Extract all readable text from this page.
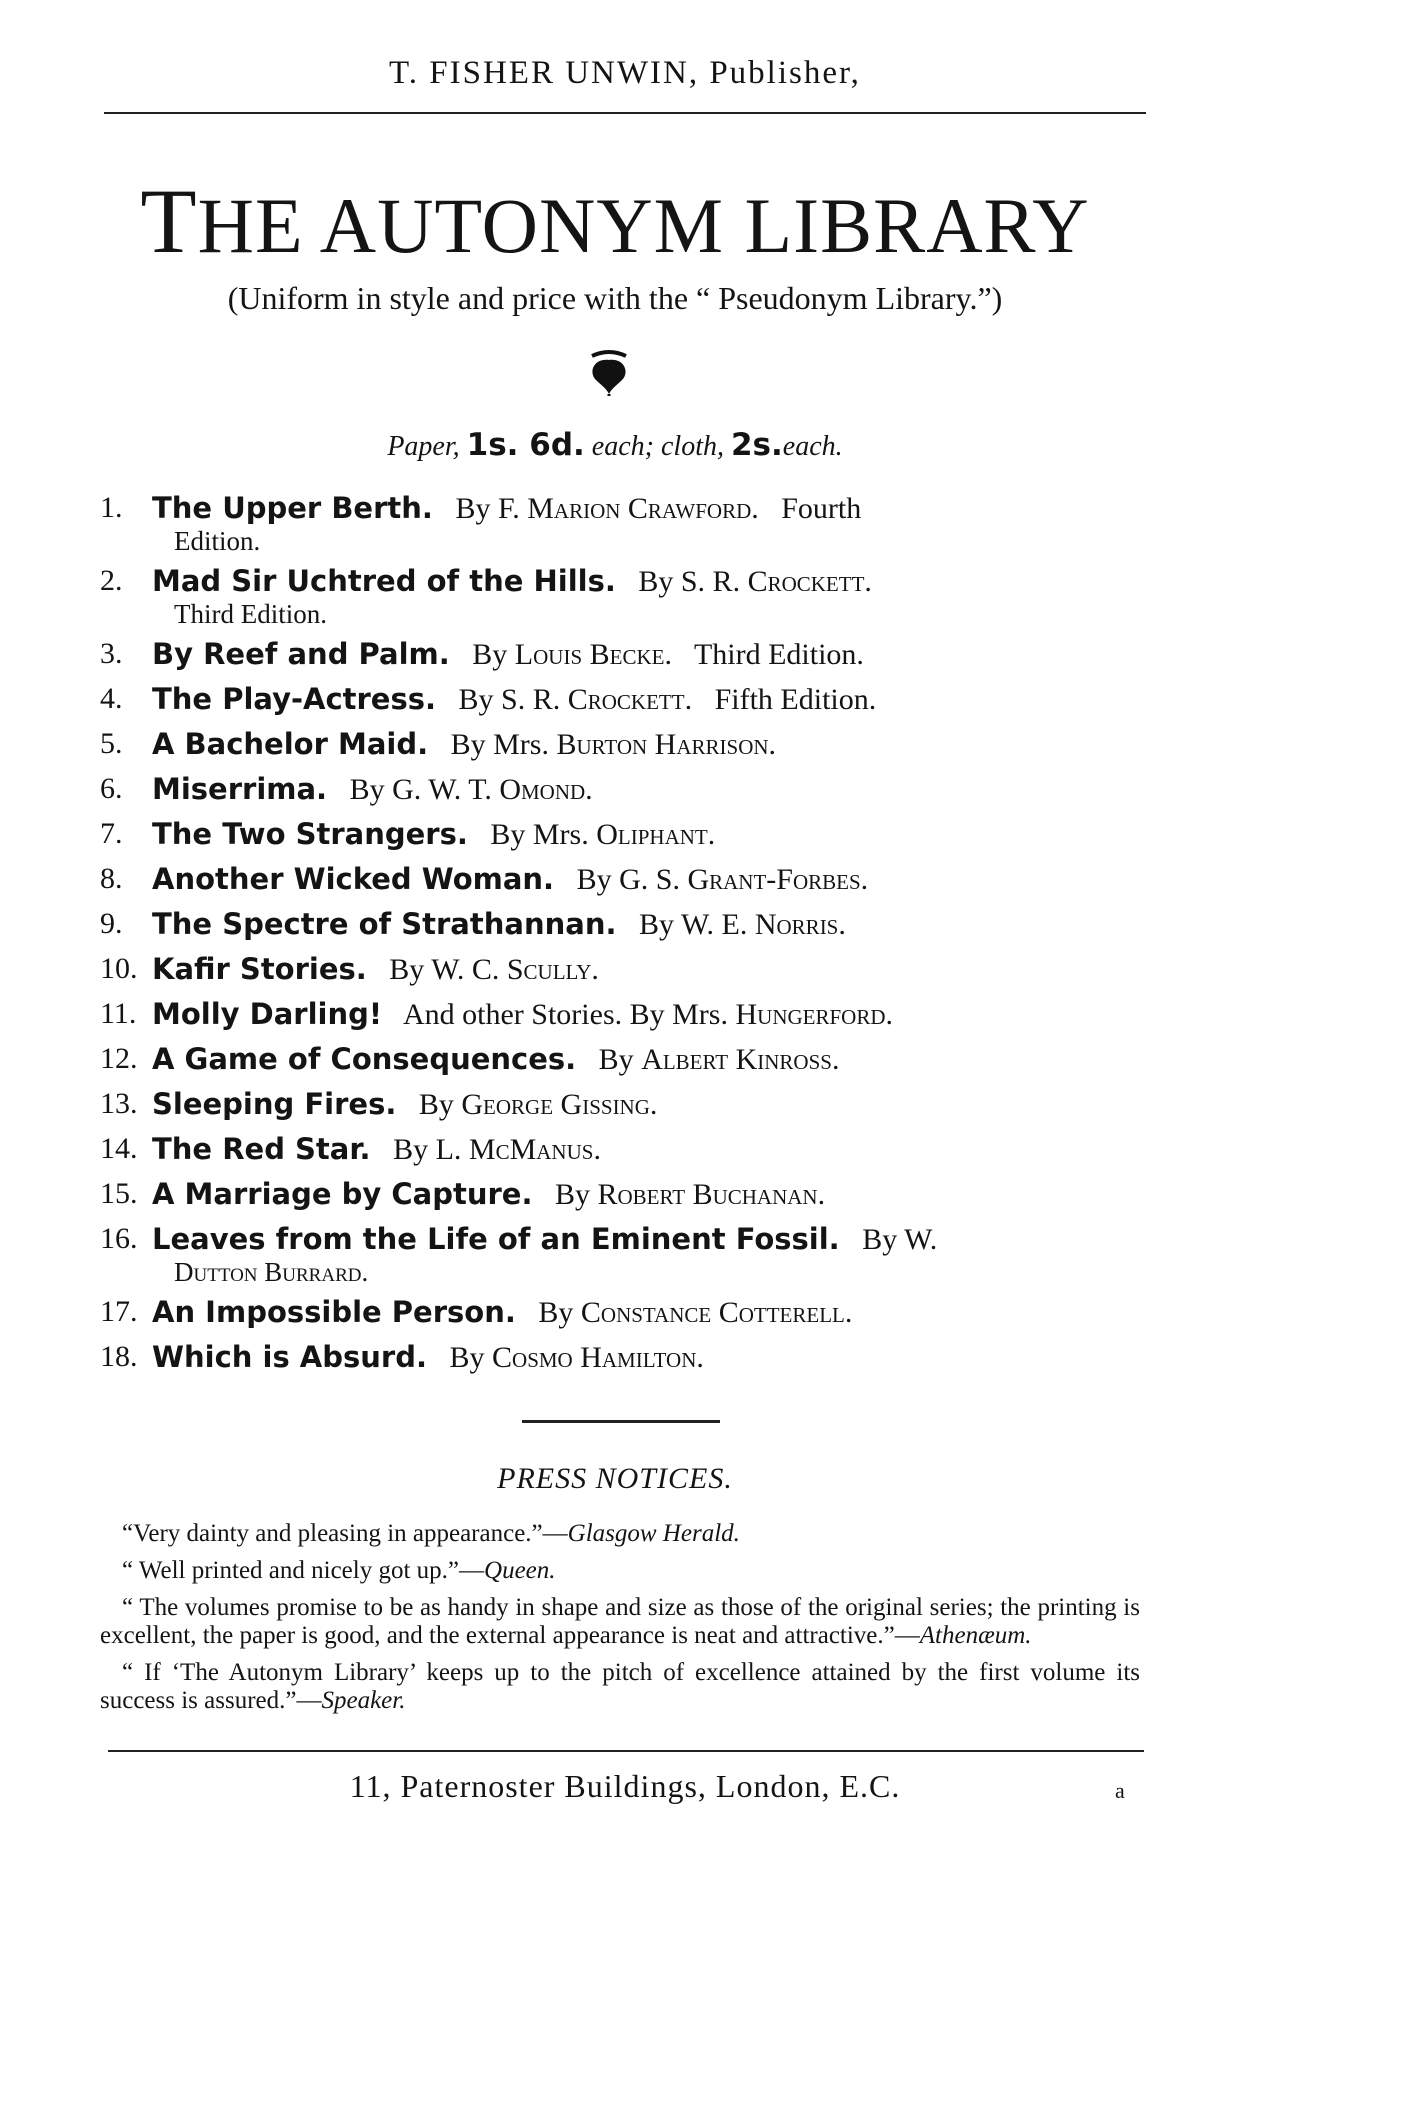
T. FISHER UNWIN, Publisher,
THE AUTONYM LIBRARY
(Uniform in style and price with the “ Pseudonym Library.”)
Paper, 1s. 6d. each; cloth, 2s.each.
1.	The Upper Berth. By F. Marion Crawford. Fourth
Edition.
2.	Mad Sir Uchtred of the Hills. By S. R. Crockett.
Third Edition.
3.	By Reef and Palm. By Louis Becke. Third Edition.
4.	The Play-Actress. By S. R. Crockett. Fifth Edition.
5.	A Bachelor Maid. By Mrs. Burton Harrison.
6.	Miserrima. By G. W. T. Omond.
7.	The Two Strangers. By Mrs. Oliphant.
8.	Another Wicked Woman. By G. S. Grant-Forbes.
9.	The Spectre of Strathannan. By W. E. Norris.
10. Kafir Stories. By W. C. Scully.
11. Molly Darling! And other Stories. By Mrs. Hungerford.
12. A Game of Consequences. By Albert Kinross.
13. Sleeping Fires. By George Gissing.
14. The Red Star. By L. McManus.
15. A Marriage by Capture. By Robert Buchanan.
16. Leaves from the Life of an Eminent Fossil. By W.
Dutton Burrard.
17. An Impossible Person. By Constance Cotterell.
18. Which is Absurd. By Cosmo Hamilton.
PRESS NOTICES.
“Very dainty and pleasing in appearance.”—Glasgow Herald.
“ Well printed and nicely got up.”—Queen.
“ The volumes promise to be as handy in shape and size as those of the original series; the printing is excellent, the paper is good, and the external appearance is neat and attractive.”—Athenæum.
“ If ‘The Autonym Library’ keeps up to the pitch of excellence attained by the first volume its success is assured.”—Speaker.
11, Paternoster Buildings, London, E.C.	a
